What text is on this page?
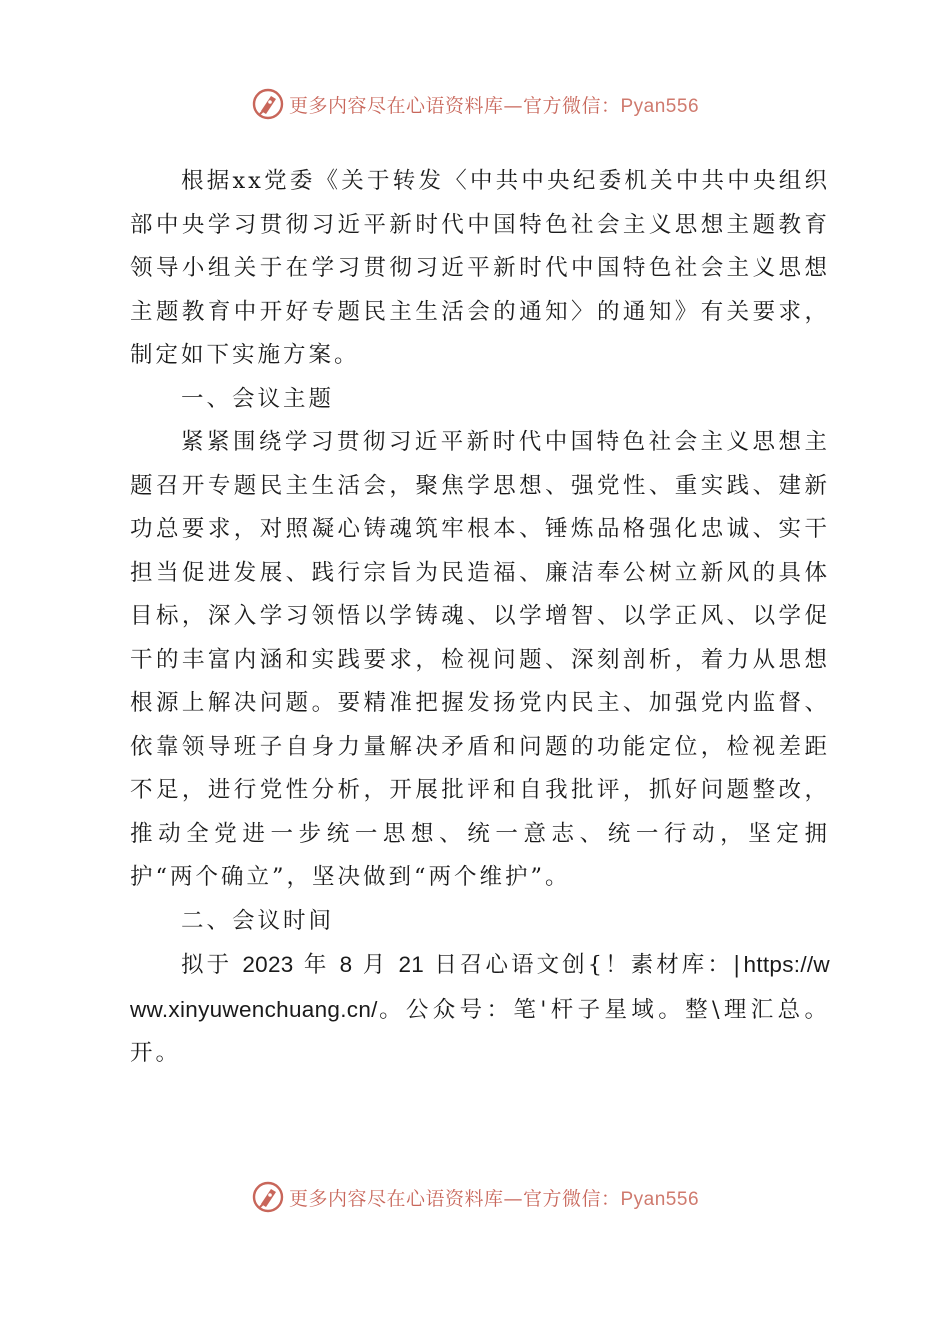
更多内容尽在心语资料库—官方微信：Pyan556

根据xx党委《关于转发〈中共中央纪委机关中共中央组织部中央学习贯彻习近平新时代中国特色社会主义思想主题教育领导小组关于在学习贯彻习近平新时代中国特色社会主义思想主题教育中开好专题民主生活会的通知〉的通知》有关要求，制定如下实施方案。

一、会议主题

紧紧围绕学习贯彻习近平新时代中国特色社会主义思想主题召开专题民主生活会，聚焦学思想、强党性、重实践、建新功总要求，对照凝心铸魂筑牢根本、锤炼品格强化忠诚、实干担当促进发展、践行宗旨为民造福、廉洁奉公树立新风的具体目标，深入学习领悟以学铸魂、以学增智、以学正风、以学促干的丰富内涵和实践要求，检视问题、深刻剖析，着力从思想根源上解决问题。要精准把握发扬党内民主、加强党内监督、依靠领导班子自身力量解决矛盾和问题的功能定位，检视差距不足，进行党性分析，开展批评和自我批评，抓好问题整改，推动全党进一步统一思想、统一意志、统一行动，坚定拥护“两个确立”，坚决做到“两个维护”。

二、会议时间

拟于 2023 年 8 月 21 日召心语文创{！素材库：|https://www.xinyuwenchuang.cn/。公众号：笔'杆子星域。整\理汇总。开。

更多内容尽在心语资料库—官方微信：Pyan556
